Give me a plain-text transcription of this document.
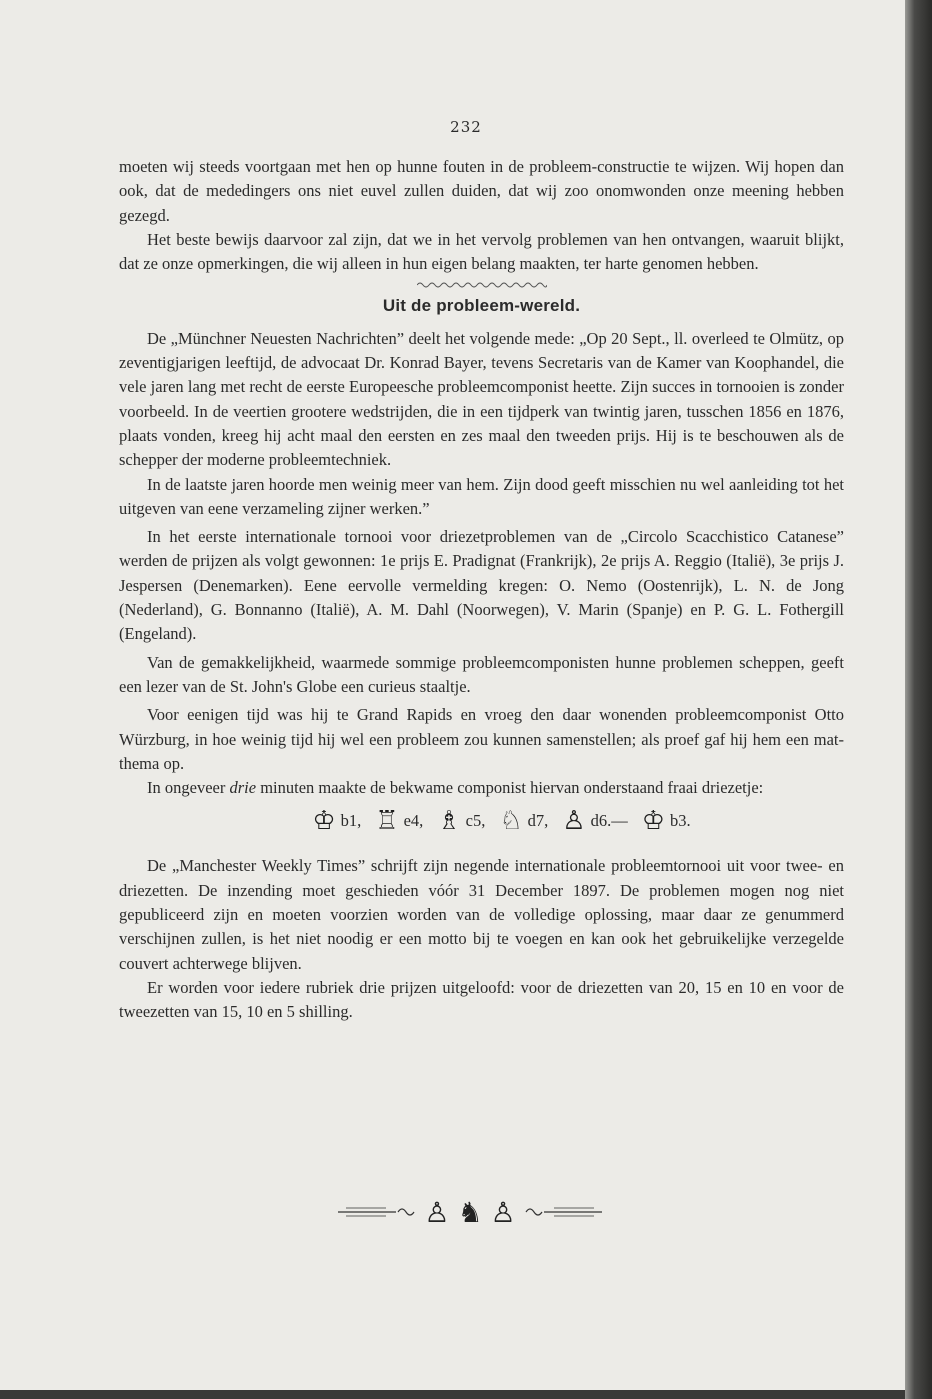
232

moeten wij steeds voortgaan met hen op hunne fouten in de probleem-constructie te wijzen. Wij hopen dan ook, dat de mededingers ons niet euvel zullen duiden, dat wij zoo onomwonden onze meening hebben gezegd.

Het beste bewijs daarvoor zal zijn, dat we in het vervolg problemen van hen ontvangen, waaruit blijkt, dat ze onze opmerkingen, die wij alleen in hun eigen belang maakten, ter harte genomen hebben.

Uit de probleem-wereld.

De „Münchner Neuesten Nachrichten” deelt het volgende mede: „Op 20 Sept., ll. overleed te Olmütz, op zeventigjarigen leeftijd, de advocaat Dr. Konrad Bayer, tevens Secretaris van de Kamer van Koophandel, die vele jaren lang met recht de eerste Europeesche probleemcomponist heette. Zijn succes in tornooien is zonder voorbeeld. In de veertien grootere wedstrijden, die in een tijdperk van twintig jaren, tusschen 1856 en 1876, plaats vonden, kreeg hij acht maal den eersten en zes maal den tweeden prijs. Hij is te beschouwen als de schepper der moderne probleemtechniek.

In de laatste jaren hoorde men weinig meer van hem. Zijn dood geeft misschien nu wel aanleiding tot het uitgeven van eene verzameling zijner werken.”

In het eerste internationale tornooi voor driezetproblemen van de „Circolo Scacchistico Catanese” werden de prijzen als volgt gewonnen: 1e prijs E. Pradignat (Frankrijk), 2e prijs A. Reggio (Italië), 3e prijs J. Jespersen (Denemarken). Eene eervolle vermelding kregen: O. Nemo (Oostenrijk), L. N. de Jong (Nederland), G. Bonnanno (Italië), A. M. Dahl (Noorwegen), V. Marin (Spanje) en P. G. L. Fothergill (Engeland).

Van de gemakkelijkheid, waarmede sommige probleemcomponisten hunne problemen scheppen, geeft een lezer van de St. John's Globe een curieus staaltje.

Voor eenigen tijd was hij te Grand Rapids en vroeg den daar wonenden probleemcomponist Otto Würzburg, in hoe weinig tijd hij wel een probleem zou kunnen samenstellen; als proef gaf hij hem een mat-thema op.

In ongeveer drie minuten maakte de bekwame componist hiervan onderstaand fraai driezetje:

♔ b1, ♖ e4, ♗ c5, ♘ d7, ♙ d6.— ♔ b3.

De „Manchester Weekly Times” schrijft zijn negende internationale probleemtornooi uit voor twee- en driezetten. De inzending moet geschieden vóór 31 December 1897. De problemen mogen nog niet gepubliceerd zijn en moeten voorzien worden van de volledige oplossing, maar daar ze genummerd verschijnen zullen, is het niet noodig er een motto bij te voegen en kan ook het gebruikelijke verzegelde couvert achterwege blijven.

Er worden voor iedere rubriek drie prijzen uitgeloofd: voor de driezetten van 20, 15 en 10 en voor de tweezetten van 15, 10 en 5 shilling.

♙ ♞ ♙
